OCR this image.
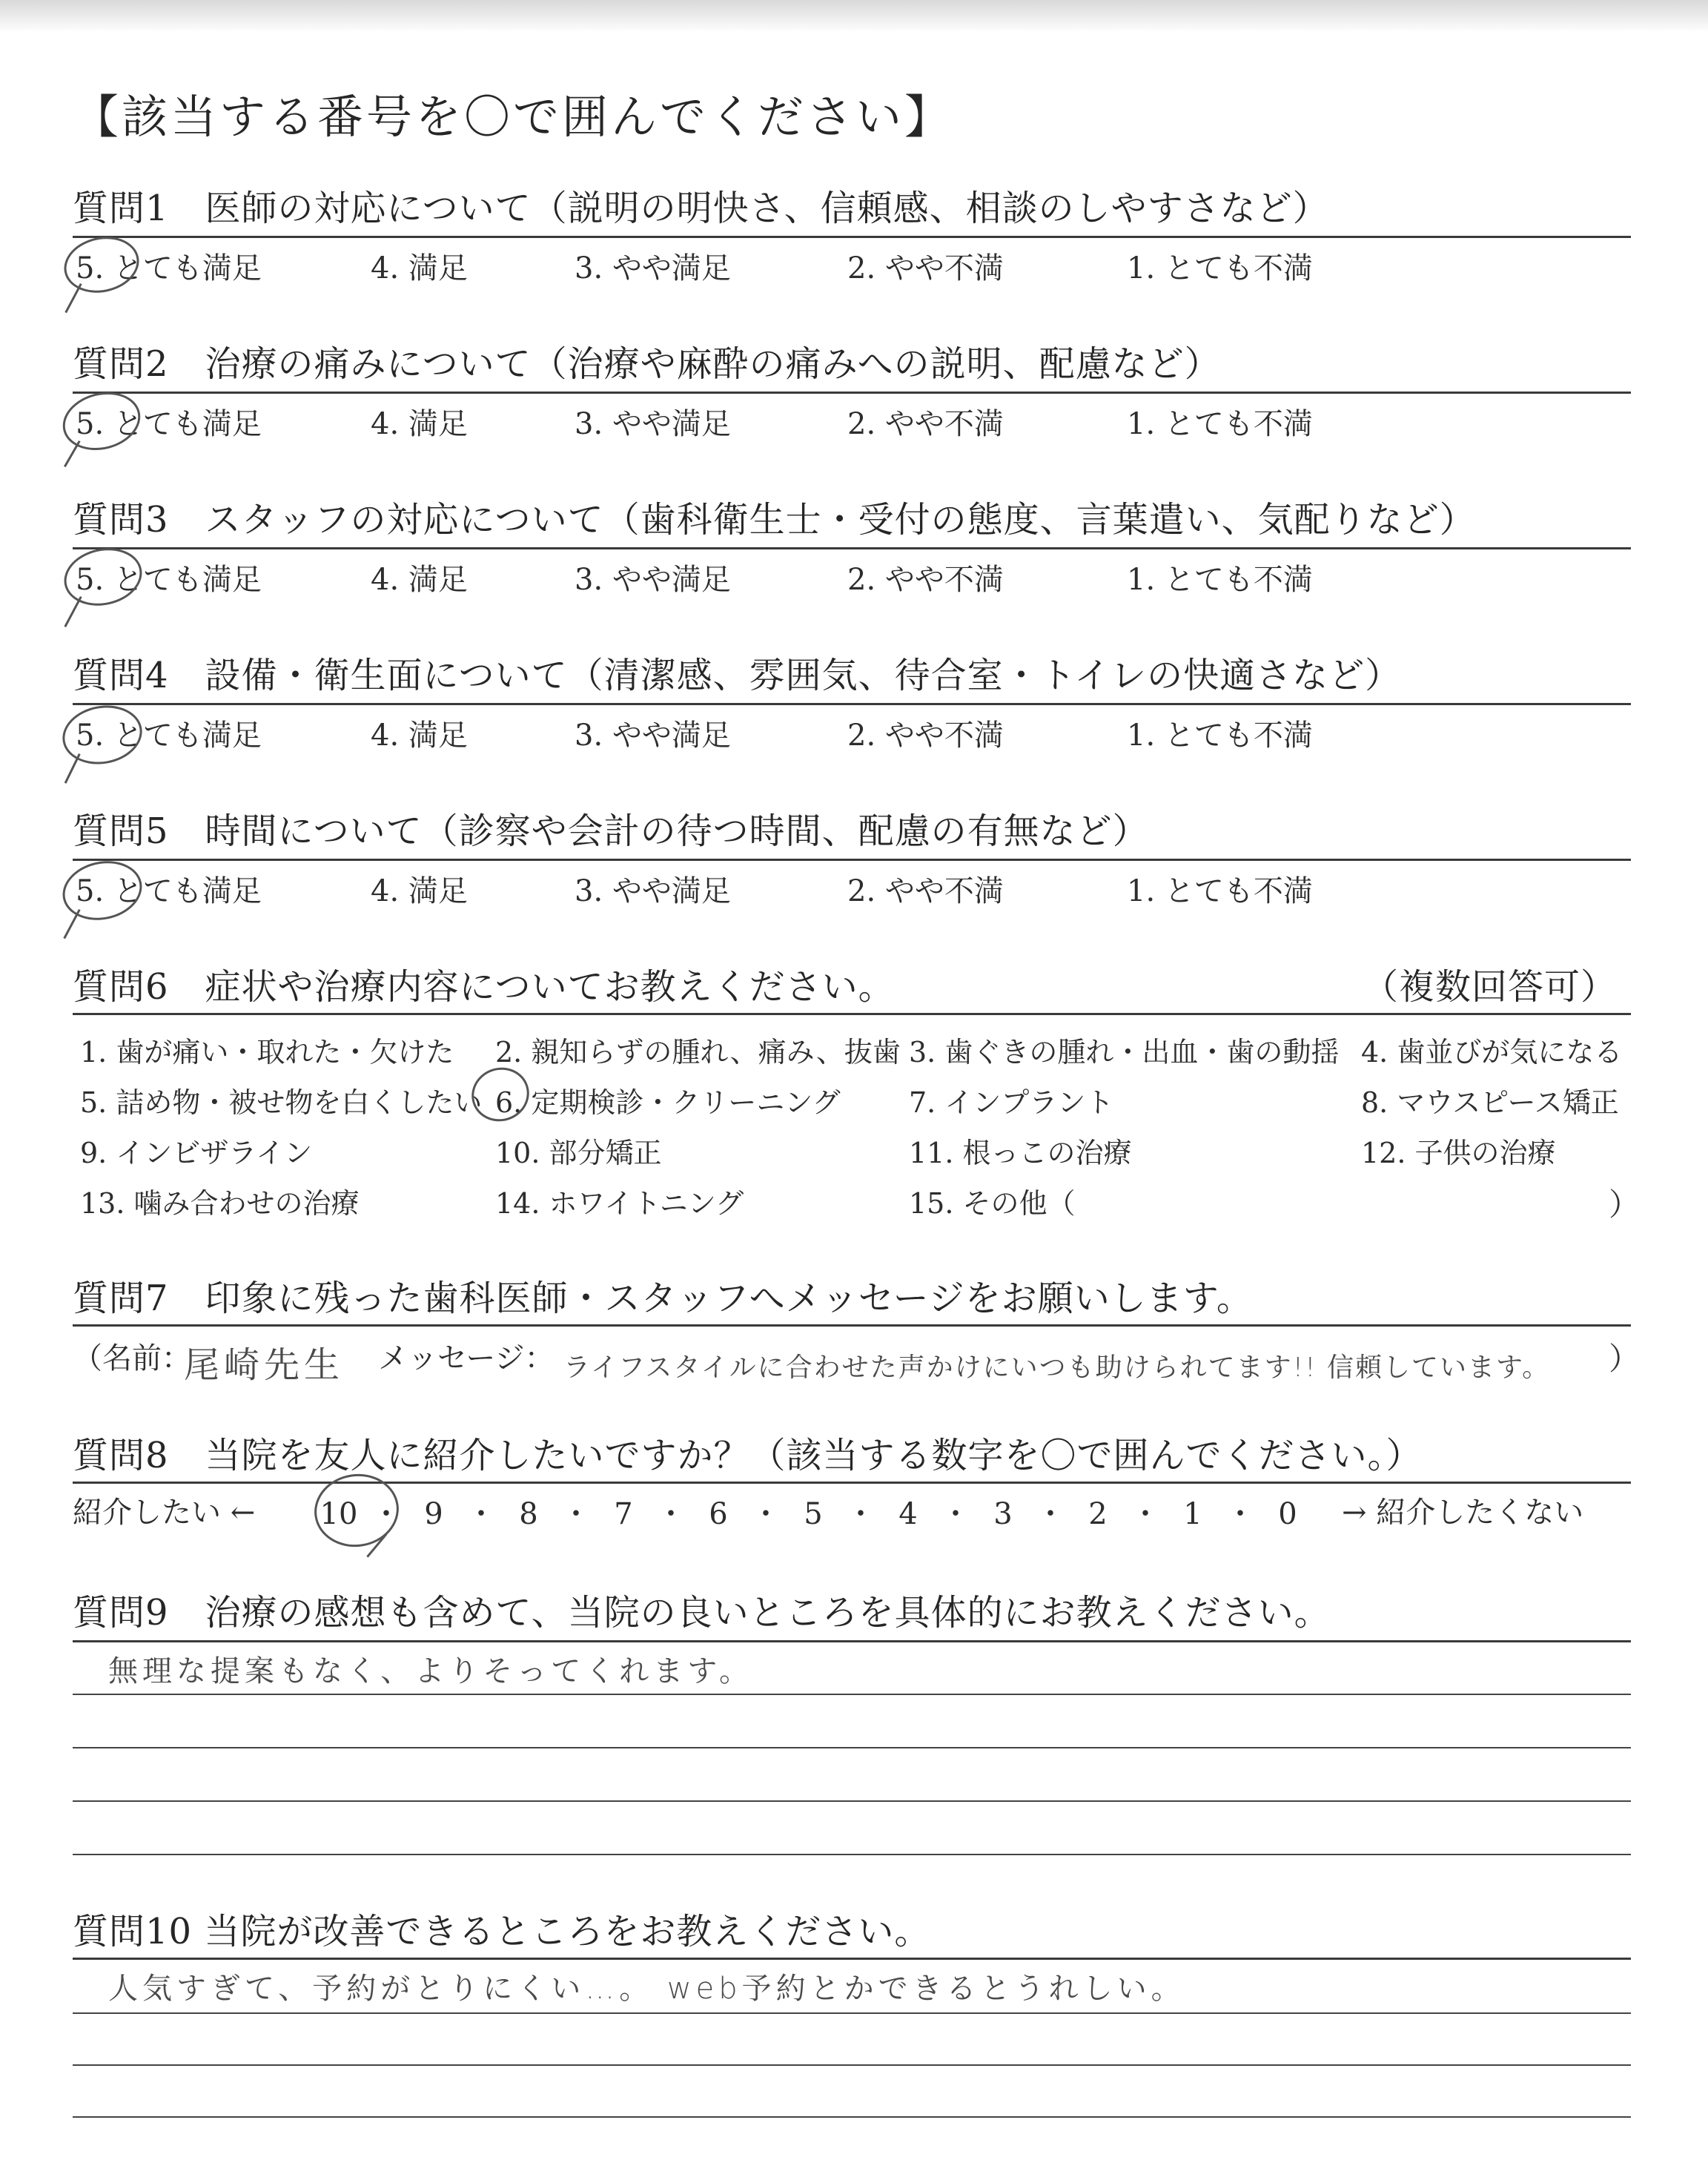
【該当する番号を〇で囲んでください】
質問1　医師の対応について（説明の明快さ、信頼感、相談のしやすさなど）
5. とても満足	4. 満足	3. やや満足	2. やや不満	1. とても不満
質問2　治療の痛みについて（治療や麻酔の痛みへの説明、配慮など）
5. とても満足	4. 満足	3. やや満足	2. やや不満	1. とても不満
質問3　スタッフの対応について（歯科衛生士・受付の態度、言葉遣い、気配りなど）
5. とても満足	4. 満足	3. やや満足	2. やや不満	1. とても不満
質問4　設備・衛生面について（清潔感、雰囲気、待合室・トイレの快適さなど）
5. とても満足	4. 満足	3. やや満足	2. やや不満	1. とても不満
質問5　時間について（診察や会計の待つ時間、配慮の有無など）
5. とても満足	4. 満足	3. やや満足	2. やや不満	1. とても不満
質問6　症状や治療内容についてお教えください。	（複数回答可）
1. 歯が痛い・取れた・欠けた 2. 親知らずの腫れ、痛み、抜歯 3. 歯ぐきの腫れ・出血・歯の動揺 4. 歯並びが気になる
5. 詰め物・被せ物を白くしたい 6. 定期検診・クリーニング 7. インプラント	8. マウスピース矯正
9. インビザライン	10. 部分矯正	11. 根っこの治療	12. 子供の治療
13. 噛み合わせの治療	14. ホワイトニング	15. その他（	）
質問7　印象に残った歯科医師・スタッフへメッセージをお願いします。
（名前：
尾崎先生 メッセージ： ライフスタイルに合わせた声かけにいつも助けられてます!! 信頼しています。 ）
質問8　当院を友人に紹介したいですか？（該当する数字を〇で囲んでください。）
紹介したい ← 10 ・ 9 ・ 8 ・ 7 ・ 6 ・ 5 ・ 4 ・ 3 ・ 2 ・ 1 ・ 0	→ 紹介したくない
質問9　治療の感想も含めて、当院の良いところを具体的にお教えください。
無理な提案もなく、よりそってくれます。
質問10 当院が改善できるところをお教えください。
人気すぎて、予約がとりにくい…。 web予約とかできるとうれしい。
